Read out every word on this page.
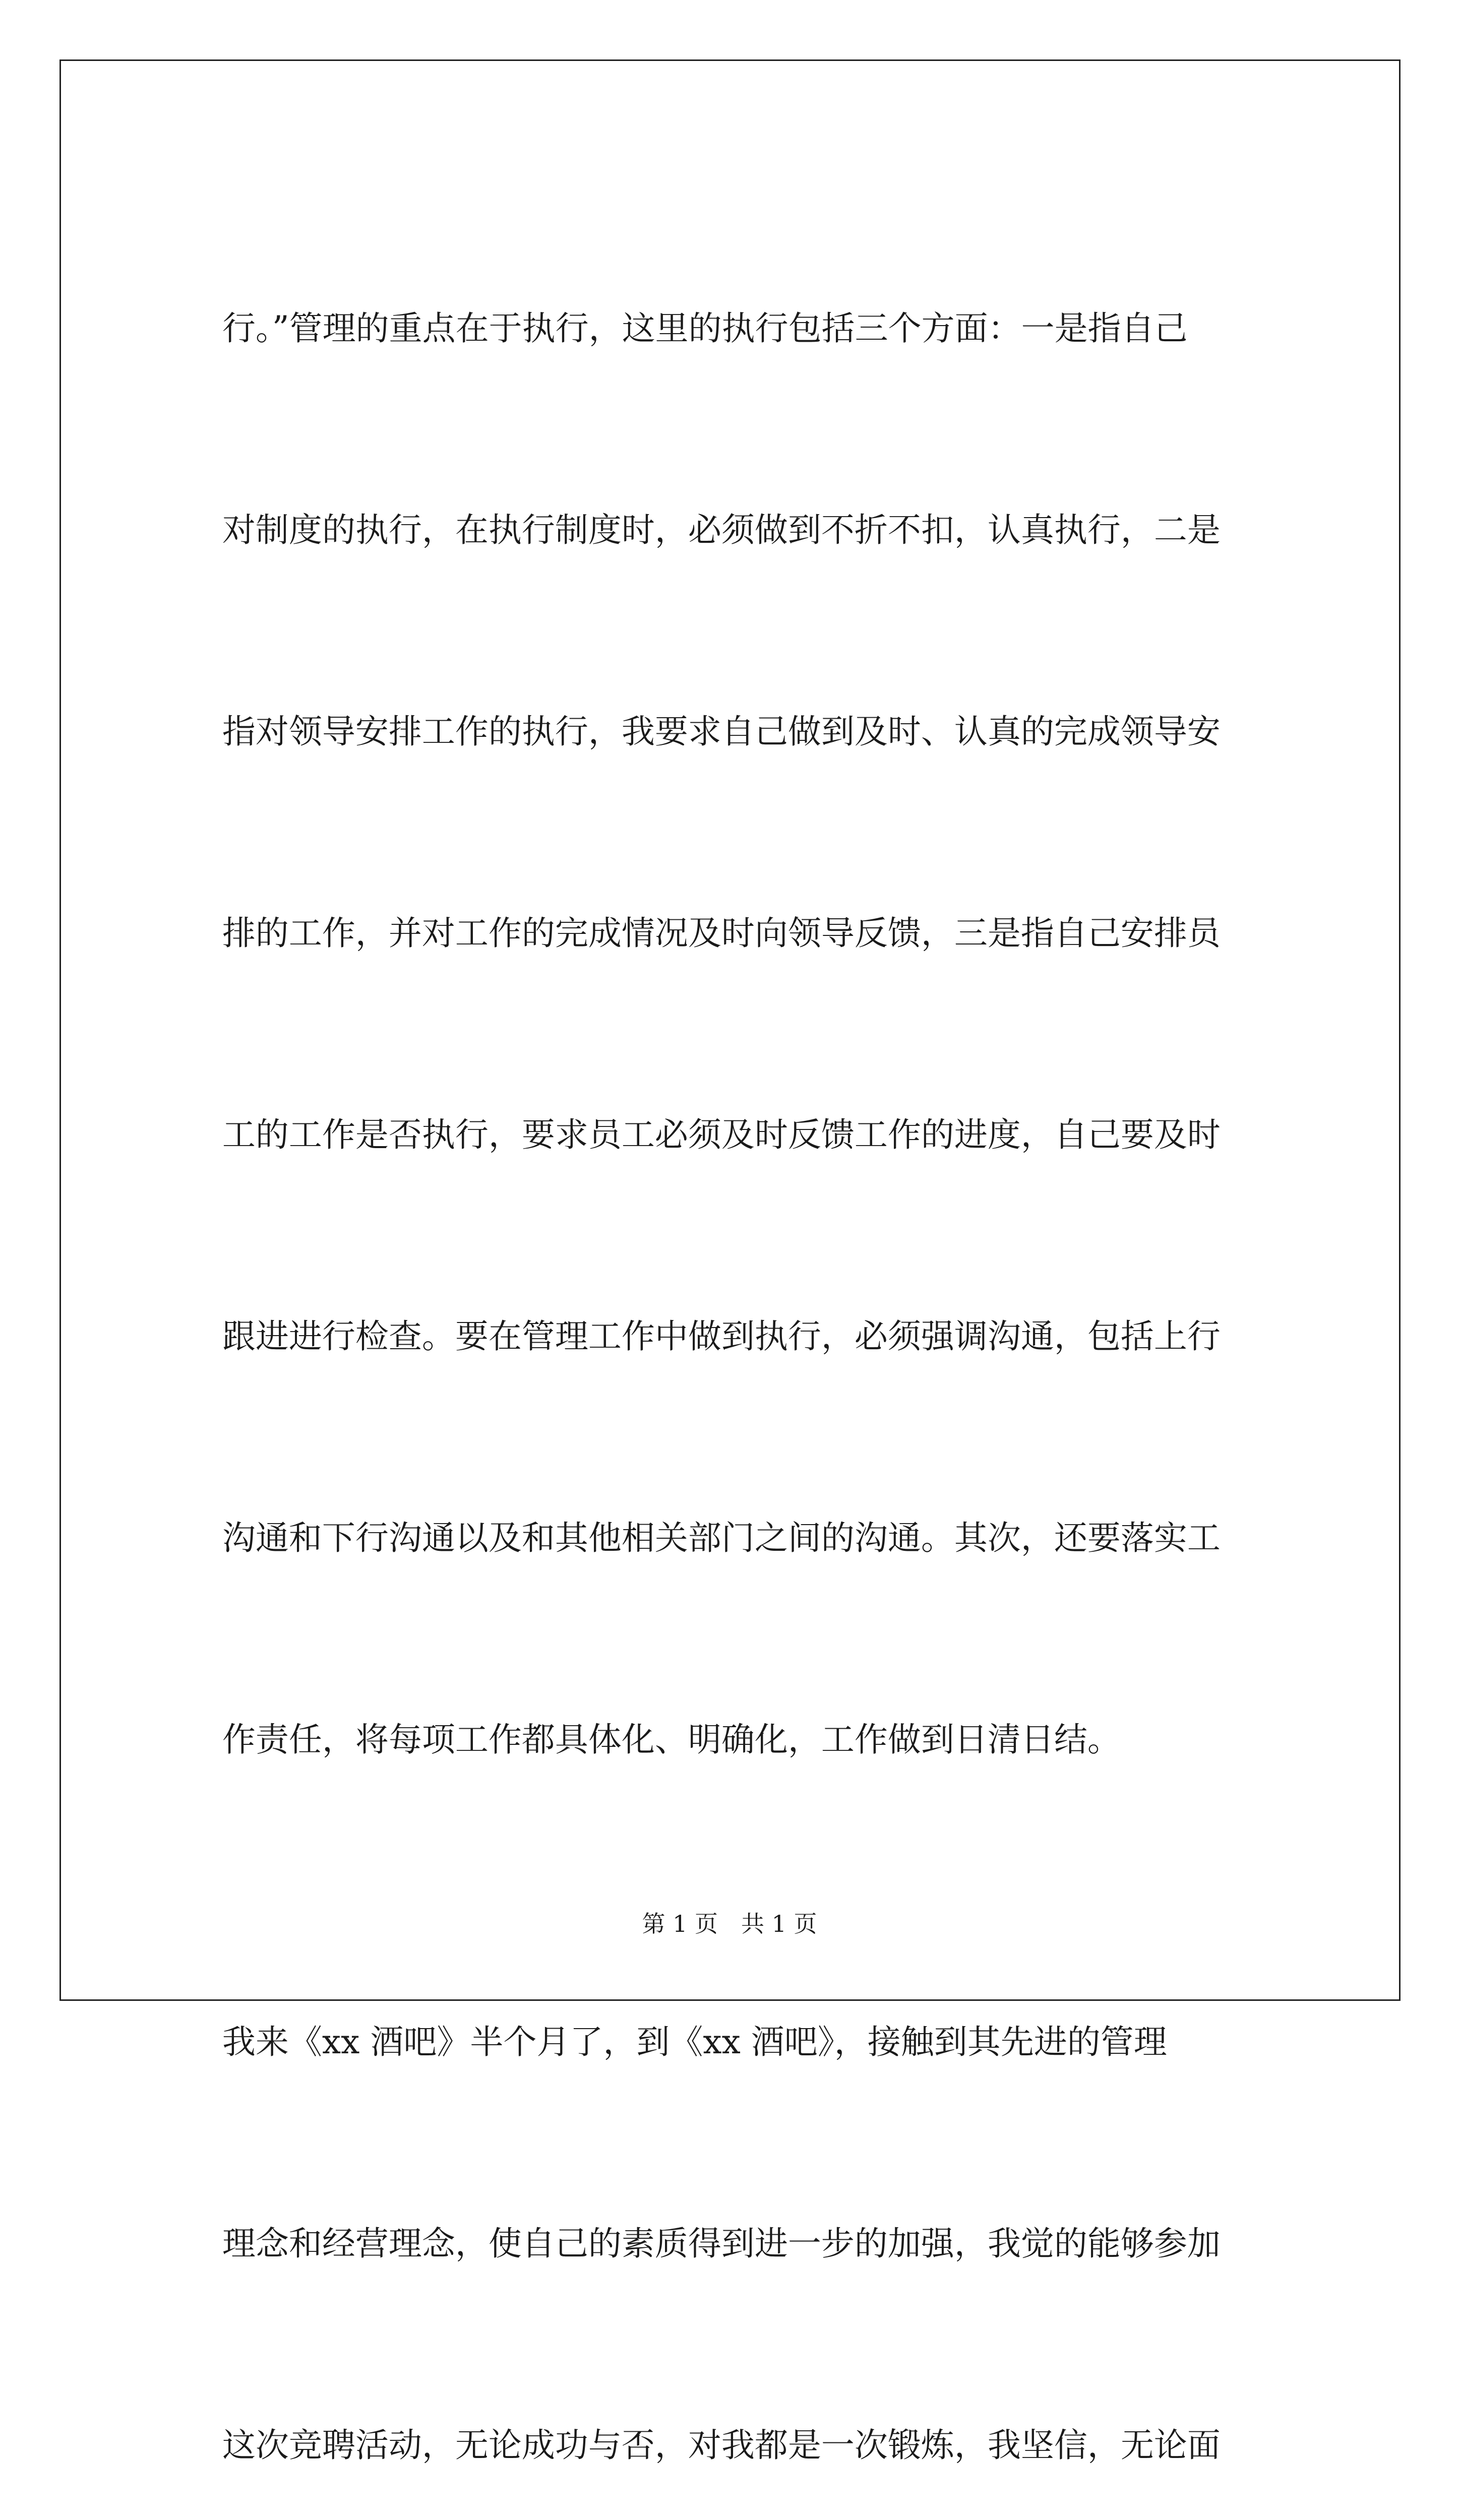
行。”管理的重点在于执行，这里的执行包括三个方面：一是指自己

对制度的执行，在执行制度时，必须做到不折不扣，认真执行，二是

指对领导安排工作的执行，我要求自己做到及时、认真的完成领导安

排的工作，并对工作的完成情况及时向领导反馈，三是指自己安排员

工的工作是否执行，要求员工必须及时反馈工作的进度，自己要及时

跟进进行检查。要在管理工作中做到执行，必须强调沟通，包括上行

沟通和下行沟通以及和其他相关部门之间的沟通。其次，还要落实工

作责任，将每项工作都具体化、明确化，工作做到日清日结。

我来《xx 酒吧》半个月了，到《xx 酒吧》，接触到其先进的管理

理念和经营理念，使自己的素质得到进一步的加强，我觉的能够参加

这次竞聘活动，无论成功与否，对我都是一次锻炼，我坚信，无论面

第 1 页　共 1 页
